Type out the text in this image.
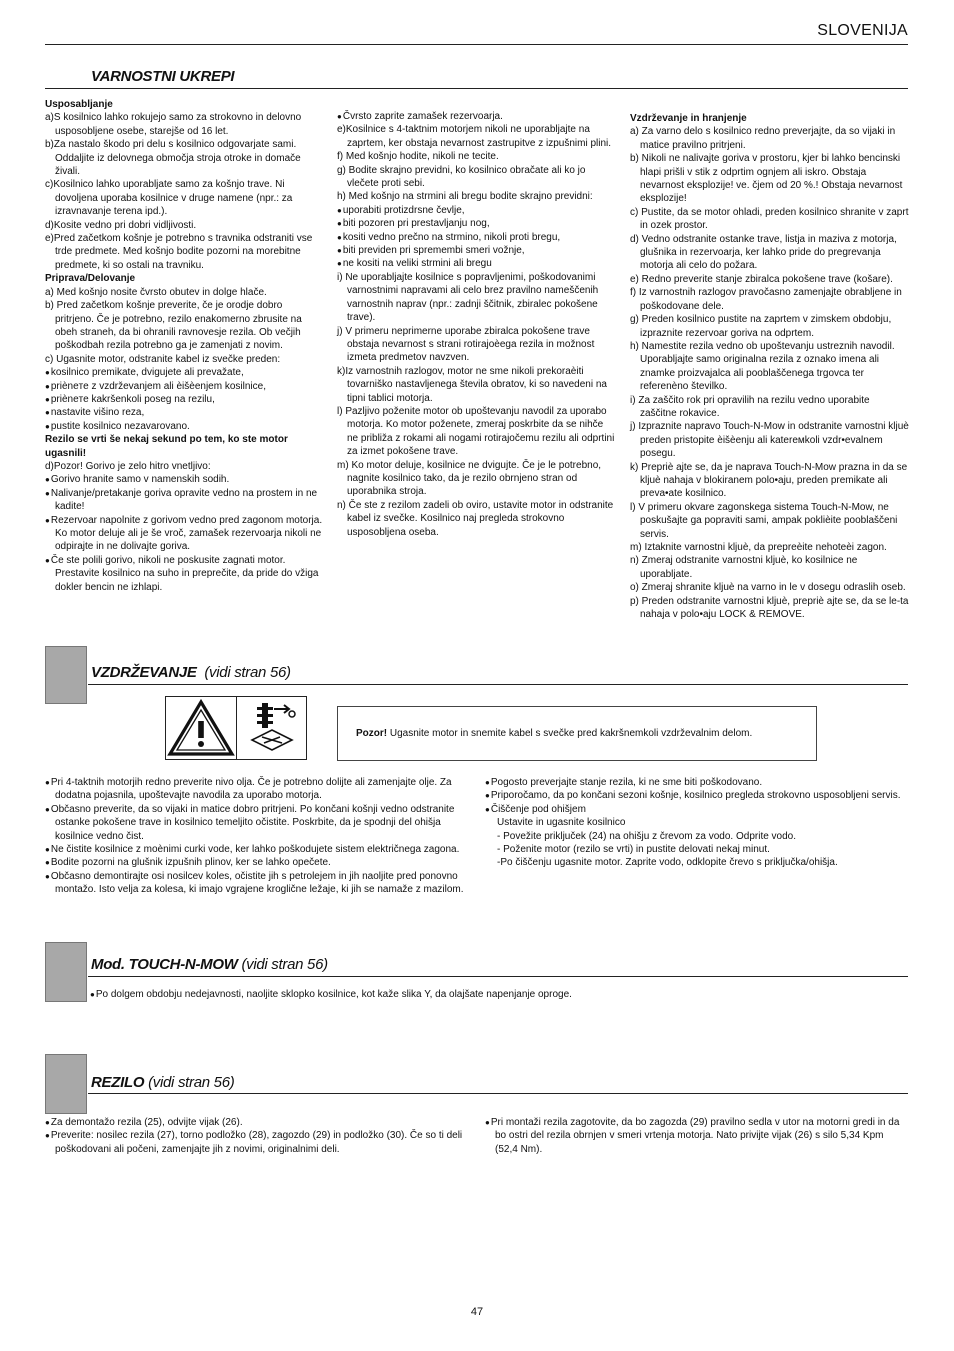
SLOVENIJA
VARNOSTNI UKREPI

Usposabljanje

a)S kosilnico lahko rokujejo samo za strokovno in delovno usposobljene osebe, starejše od 16 let.

b)Za nastalo škodo pri delu s kosilnico odgovarjate sami. Oddaljite iz delovnega območja stroja otroke in domače živali.

c)Kosilnico lahko uporabljate samo za košnjo trave. Ni dovoljena uporaba kosilnice v druge namene (npr.: za izravnavanje terena ipd.).

d)Kosite vedno pri dobri vidljivosti.

e)Pred začetkom košnje je potrebno s travnika odstraniti vse trde predmete. Med košnjo bodite pozorni na morebitne predmete, ki so ostali na travniku.

Priprava/Delovanje

a) Med košnjo nosite čvrsto obutev in dolge hlače.

b) Pred začetkom košnje preverite, če je orodje dobro pritrjeno. Če je potrebno, rezilo enakomerno zbrusite na obeh straneh, da bi ohranili ravnovesje rezila. Ob večjih poškodbah rezila potrebno ga je zamenjati z novim.

c) Ugasnite motor, odstranite kabel iz svečke preden:

● kosilnico premikate, dvigujete ali prevažate,

● prièneте z vzdrževanjem ali èišèenjem kosilnice,

● prièneте kakršenkoli poseg na rezilu,

● nastavite višino reza,

● pustite kosilnico nezavarovano.

Rezilo se vrti še nekaj sekund po tem, ko ste motor ugasnili!

d)Pozor! Gorivo je zelo hitro vnetljivo:

● Gorivo hranite samo v namenskih sodih.

● Nalivanje/pretakanje goriva opravite vedno na prostem in ne kadite!

● Rezervoar napolnite z gorivom vedno pred zagonom motorja. Ko motor deluje ali je še vroč, zamašek rezervoarja nikoli ne odpirajte in ne dolivajte goriva.

● Če ste polili gorivo, nikoli ne poskusite zagnati motor. Prestavite kosilnico na suho in preprečite, da pride do vžiga dokler bencin ne izhlapi.

● Čvrsto zaprite zamašek rezervoarja.

e)Kosilnice s 4-taktnim motorjem nikoli ne uporabljajte na zaprtem, ker obstaja nevarnost zastrupitve z izpušnimi plini.

f) Med košnjo hodite, nikoli ne tecite.

g) Bodite skrajno previdni, ko kosilnico obračate ali ko jo vlečete proti sebi.

h) Med košnjo na strmini ali bregu bodite skrajno previdni:

● uporabiti protizdrsne čevlje,

● biti pozoren pri prestavljanju nog,

● kositi vedno prečno na strmino, nikoli proti bregu,

● biti previden pri spremembi smeri vožnje,

● ne kositi na veliki strmini ali bregu

i) Ne uporabljajte kosilnice s popravljenimi, poškodovanimi varnostnimi napravami ali celo brez pravilno nameščenih varnostnih naprav (npr.: zadnji ščitnik, zbiralec pokošene trave).

j) V primeru neprimerne uporabe zbiralca pokošene trave obstaja nevarnost s strani rotirajoèega rezila in možnost izmeta predmetov navzven.

k)Iz varnostnih razlogov, motor ne sme nikoli prekoraèiti tovarniško nastavljenega števila obratov, ki so navedeni na tipni tablici motorja.

l) Pazljivo poženite motor ob upoštevanju navodil za uporabo motorja. Ko motor poženete, zmeraj poskrbite da se nihče ne približa z rokami ali nogami rotirajočemu rezilu ali odprtini za izmet pokošene trave.

m) Ko motor deluje, kosilnice ne dvigujte. Če je le potrebno, nagnite kosilnico tako, da je rezilo obrnjeno stran od uporabnika stroja.

n) Če ste z rezilom zadeli ob oviro, ustavite motor in odstranite kabel iz svečke. Kosilnico naj pregleda strokovno usposobljena oseba.

Vzdrževanje in hranjenje

a) Za varno delo s kosilnico redno preverjajte, da so vijaki in matice pravilno pritrjeni.

b) Nikoli ne nalivajte goriva v prostoru, kjer bi lahko bencinski hlapi prišli v stik z odprtim ognjem ali iskro. Obstaja nevarnost eksplozije! ve. čjem od 20 %.! Obstaja nevarnost eksplozije!

c) Pustite, da se motor ohladi, preden kosilnico shranite v zaprt in ozek prostor.

d) Vedno odstranite ostanke trave, listja in maziva z motorja, glušnika in rezervoarja, ker lahko pride do pregrevanja motorja ali celo do požara.

e) Redno preverite stanje zbiralca pokošene trave (košare).

f) Iz varnostnih razlogov pravočasno zamenjajte obrabljene in poškodovane dele.

g) Preden kosilnico pustite na zaprtem v zimskem obdobju, izpraznite rezervoar goriva na odprtem.

h) Namestite rezila vedno ob upoštevanju ustreznih navodil. Uporabljajte samo originalna rezila z oznako imena ali znamke proizvajalca ali pooblaščenega trgovca ter referenèno številko.

i) Za zaščito rok pri opravilih na rezilu vedno uporabite zaščitne rokavice.

j) Izpraznite napravo Touch-N-Mow in odstranite varnostni kljuè preden pristopite èišèenju ali katerемkoli vzdr•evalnem posegu.

k) Prepriè ajte se, da je naprava Touch-N-Mow prazna in da se kljuè nahaja v blokiranem polo•aju, preden premikate ali preva•ate kosilnico.

l) V primeru okvare zagonskega sistema Touch-N-Mow, ne poskušajte ga popraviti sami, ampak poklièite pooblaščeni servis.

m) Iztaknite varnostni kljuè, da prepreèite nehoteèi zagon.

n) Zmeraj odstranite varnostni kljuè, ko kosilnice ne uporabljate.

o) Zmeraj shranite kljuè na varno in le v dosegu odraslih oseb.

p) Preden odstranite varnostni kljuè, prepriè ajte se, da se le-ta nahaja v polo•aju LOCK & REMOVE.

VZDRŽEVANJE (vidi stran 56)
Pozor! Ugasnite motor in snemite kabel s svečke pred kakršnemkoli vzdrževalnim delom.

● Pri 4-taktnih motorjih redno preverite nivo olja. Če je potrebno dolijte ali zamenjajte olje. Za dodatna pojasnila, upoštevajte navodila za uporabo motorja.

● Občasno preverite, da so vijaki in matice dobro pritrjeni. Po končani košnji vedno odstranite ostanke pokošene trave in kosilnico temeljito očistite. Poskrbite, da je spodnji del ohišja kosilnice vedno čist.

● Ne čistite kosilnice z moènimi curki vode, ker lahko poškodujete sistem električnega zagona.

● Bodite pozorni na glušnik izpušnih plinov, ker se lahko opečete.

● Občasno demontirajte osi nosilcev koles, očistite jih s petrolejem in jih naoljite pred ponovno montažo. Isto velja za kolesa, ki imajo vgrajene kroglične ležaje, ki jih se namaže z mazilom.

● Pogosto preverjajte stanje rezila, ki ne sme biti poškodovano.

● Priporočamo, da po končani sezoni košnje, kosilnico pregleda strokovno usposobljeni servis.

● Čiščenje pod ohišjem

Ustavite in ugasnite kosilnico

- Povežite priključek (24) na ohišju z črevom za vodo. Odprite vodo.

- Poženite motor (rezilo se vrti) in pustite delovati nekaj minut.

-Po čiščenju ugasnite motor. Zaprite vodo, odklopite črevo s priključka/ohišja.

Mod. TOUCH-N-MOW (vidi stran 56)
● Po dolgem obdobju nedejavnosti, naoljite sklopko kosilnice, kot kaže slika Y, da olajšate napenjanje oproge.
REZILO (vidi stran 56)

● Za demontažo rezila (25), odvijte vijak (26).

● Preverite: nosilec rezila (27), torno podložko (28), zagozdo (29) in podložko (30). Če so ti deli poškodovani ali počeni, zamenjajte jih z novimi, originalnimi deli.

● Pri montaži rezila zagotovite, da bo zagozda (29) pravilno sedla v utor na motorni gredi in da bo ostri del rezila obrnjen v smeri vrtenja motorja. Nato privijte vijak (26) s silo 5,34 Kpm (52,4 Nm).

47
